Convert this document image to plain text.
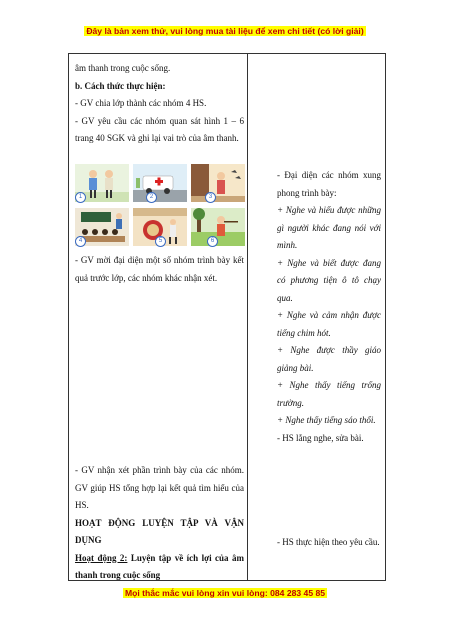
Đây là bản xem thử, vui lòng mua tài liệu để xem chi tiết (có lời giải)

âm thanh trong cuộc sống.

b. Cách thức thực hiện:

- GV chia lớp thành các nhóm 4 HS.

- GV yêu cầu các nhóm quan sát hình 1 – 6 trang 40 SGK và ghi lại vai trò của âm thanh.

1	2	3
4	5	6

- GV mời đại diện một số nhóm trình bày kết quả trước lớp, các nhóm khác nhận xét.

- GV nhận xét phần trình bày của các nhóm. GV giúp HS tổng hợp lại kết quả tìm hiểu của HS.

HOẠT ĐỘNG LUYỆN TẬP VÀ VẬN DỤNG

Hoạt động 2: Luyện tập về ích lợi của âm thanh trong cuộc sống

- Đại diện các nhóm xung phong trình bày:

+ Nghe và hiểu được những gì người khác đang nói với mình.

+ Nghe và biết được đang có phương tiện ô tô chạy qua.

+ Nghe và cảm nhận được tiếng chim hót.

+ Nghe được thầy giáo giảng bài.

+ Nghe thấy tiếng trống trường.

+ Nghe thấy tiếng sáo thổi.

- HS lắng nghe, sửa bài.

- HS thực hiện theo yêu cầu.

Mọi thắc mắc vui lòng xin vui lòng: 084 283 45 85
